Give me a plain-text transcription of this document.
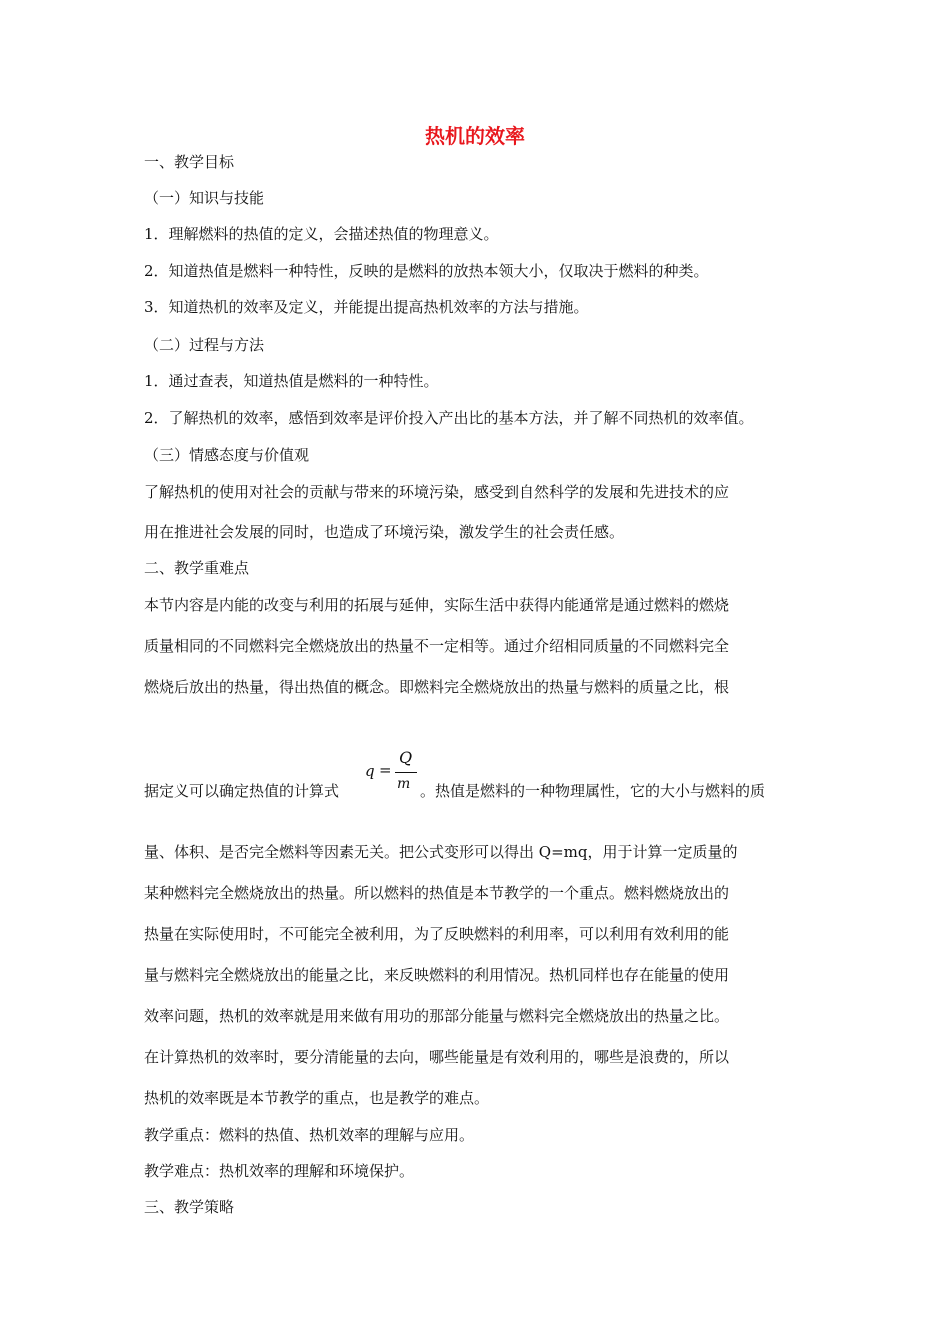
热机的效率
一、教学目标
（一）知识与技能
1．理解燃料的热值的定义，会描述热值的物理意义。
2．知道热值是燃料一种特性，反映的是燃料的放热本领大小，仅取决于燃料的种类。
3．知道热机的效率及定义，并能提出提高热机效率的方法与措施。
（二）过程与方法
1．通过查表，知道热值是燃料的一种特性。
2．了解热机的效率，感悟到效率是评价投入产出比的基本方法，并了解不同热机的效率值。
（三）情感态度与价值观
了解热机的使用对社会的贡献与带来的环境污染，感受到自然科学的发展和先进技术的应
用在推进社会发展的同时，也造成了环境污染，激发学生的社会责任感。
二、教学重难点
本节内容是内能的改变与利用的拓展与延伸，实际生活中获得内能通常是通过燃料的燃烧
质量相同的不同燃料完全燃烧放出的热量不一定相等。通过介绍相同质量的不同燃料完全
燃烧后放出的热量，得出热值的概念。即燃料完全燃烧放出的热量与燃料的质量之比，根
据定义可以确定热值的计算式
q =
Q
m 。热值是燃料的一种物理属性，它的大小与燃料的质
量、体积、是否完全燃料等因素无关。把公式变形可以得出 Q=mq，用于计算一定质量的
某种燃料完全燃烧放出的热量。所以燃料的热值是本节教学的一个重点。燃料燃烧放出的
热量在实际使用时，不可能完全被利用，为了反映燃料的利用率，可以利用有效利用的能
量与燃料完全燃烧放出的能量之比，来反映燃料的利用情况。热机同样也存在能量的使用
效率问题，热机的效率就是用来做有用功的那部分能量与燃料完全燃烧放出的热量之比。
在计算热机的效率时，要分清能量的去向，哪些能量是有效利用的，哪些是浪费的，所以
热机的效率既是本节教学的重点，也是教学的难点。
教学重点：燃料的热值、热机效率的理解与应用。
教学难点：热机效率的理解和环境保护。
三、教学策略
